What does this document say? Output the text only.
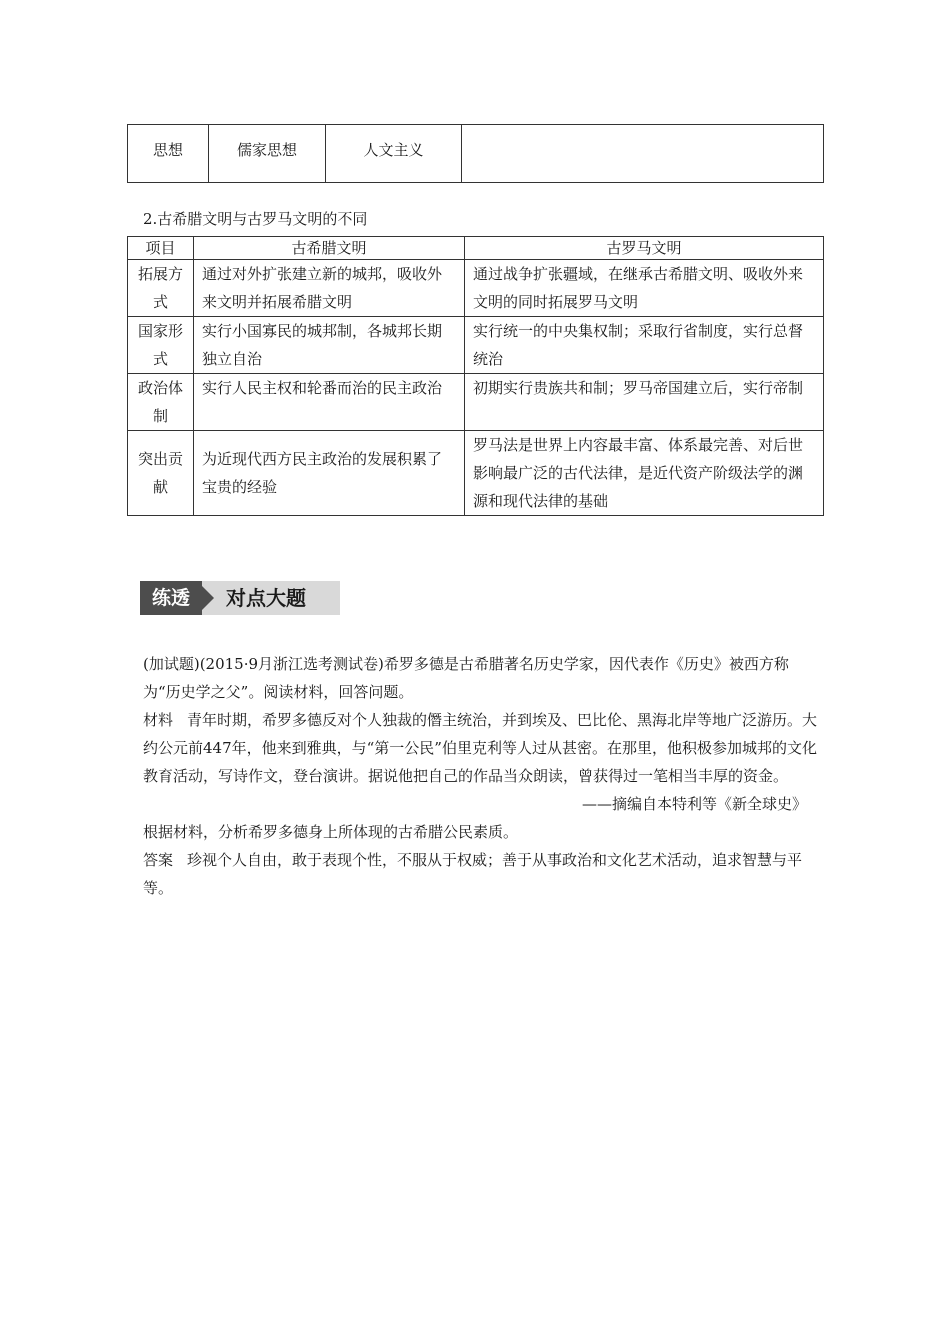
思想	儒家思想	人文主义	
2.古希腊文明与古罗马文明的不同
项目	古希腊文明	古罗马文明
拓展方式	通过对外扩张建立新的城邦，吸收外来文明并拓展希腊文明	通过战争扩张疆域，在继承古希腊文明、吸收外来文明的同时拓展罗马文明
国家形式	实行小国寡民的城邦制，各城邦长期独立自治	实行统一的中央集权制；采取行省制度，实行总督统治
政治体制	实行人民主权和轮番而治的民主政治	初期实行贵族共和制；罗马帝国建立后，实行帝制
突出贡献	为近现代西方民主政治的发展积累了宝贵的经验	罗马法是世界上内容最丰富、体系最完善、对后世影响最广泛的古代法律，是近代资产阶级法学的渊源和现代法律的基础
练透	对点大题

(加试题)(2015·9月浙江选考测试卷)希罗多德是古希腊著名历史学家，因代表作《历史》被西方称为“历史学之父”。阅读材料，回答问题。

材料 青年时期，希罗多德反对个人独裁的僭主统治，并到埃及、巴比伦、黑海北岸等地广泛游历。大约公元前447年，他来到雅典，与“第一公民”伯里克利等人过从甚密。在那里，他积极参加城邦的文化教育活动，写诗作文，登台演讲。据说他把自己的作品当众朗读，曾获得过一笔相当丰厚的资金。

——摘编自本特利等《新全球史》

根据材料，分析希罗多德身上所体现的古希腊公民素质。

答案 珍视个人自由，敢于表现个性，不服从于权威；善于从事政治和文化艺术活动，追求智慧与平等。
